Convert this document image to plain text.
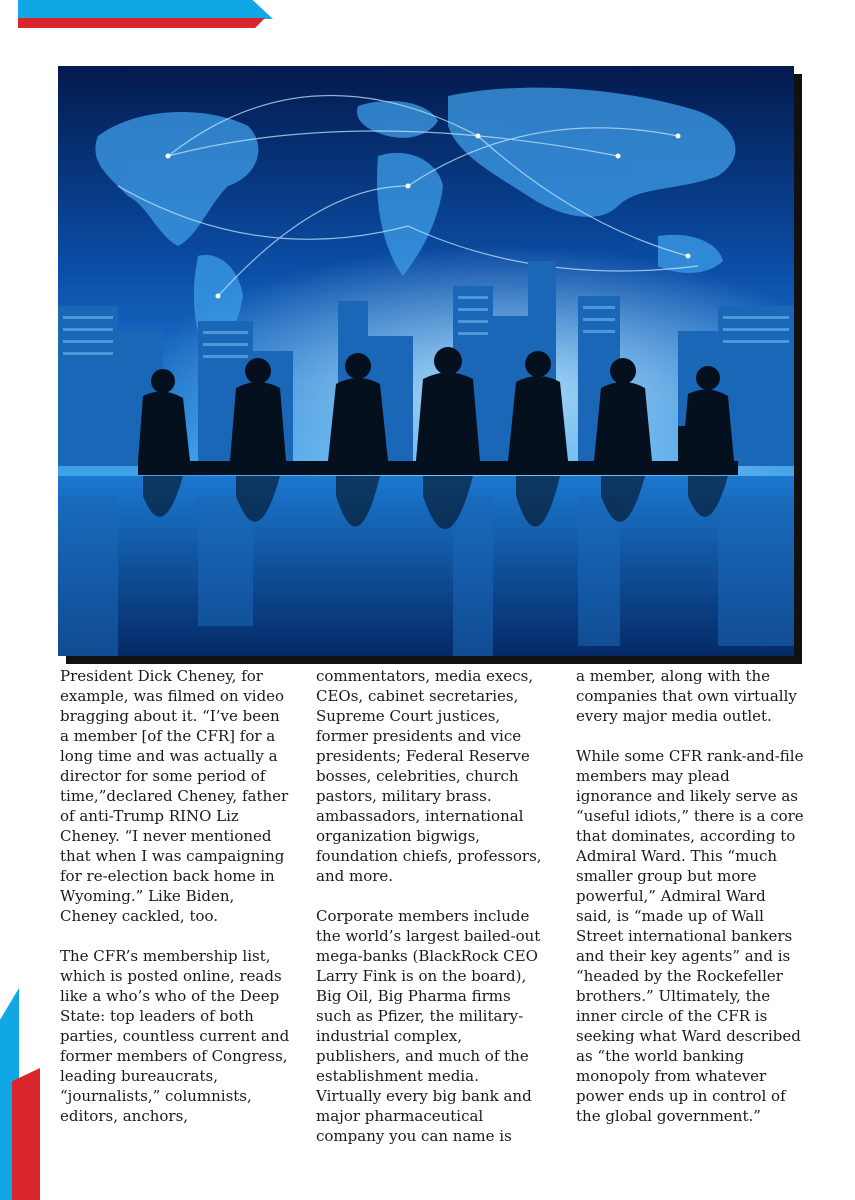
President Dick Cheney, for example, was filmed on video bragging about it. “I’ve been a member [of the CFR] for a long time and was actually a director for some period of time,”declared Cheney, father of anti-Trump RINO Liz Cheney. “I never mentioned that when I was campaigning for re-election back home in Wyoming.” Like Biden, Cheney cackled, too.

The CFR’s membership list, which is posted online, reads like a who’s who of the Deep State: top leaders of both parties, countless current and former members of Congress, leading bureaucrats, “journalists,” columnists, editors, anchors,

commentators, media execs, CEOs, cabinet secretaries, Supreme Court justices, former presidents and vice presidents; Federal Reserve bosses, celebrities, church pastors, military brass. ambassadors, international organization bigwigs, foundation chiefs, professors, and more.

Corporate members include the world’s largest bailed-out mega-banks (BlackRock CEO Larry Fink is on the board), Big Oil, Big Pharma firms such as Pfizer, the military-industrial complex, publishers, and much of the establishment media. Virtually every big bank and major pharmaceutical company you can name is

a member, along with the companies that own virtually every major media outlet.

While some CFR rank-and-file members may plead ignorance and likely serve as “useful idiots,” there is a core that dominates, according to Admiral Ward. This “much smaller group but more powerful,” Admiral Ward said, is “made up of Wall Street international bankers and their key agents” and is “headed by the Rockefeller brothers.” Ultimately, the inner circle of the CFR is seeking what Ward described as “the world banking monopoly from whatever power ends up in control of the global government.”
